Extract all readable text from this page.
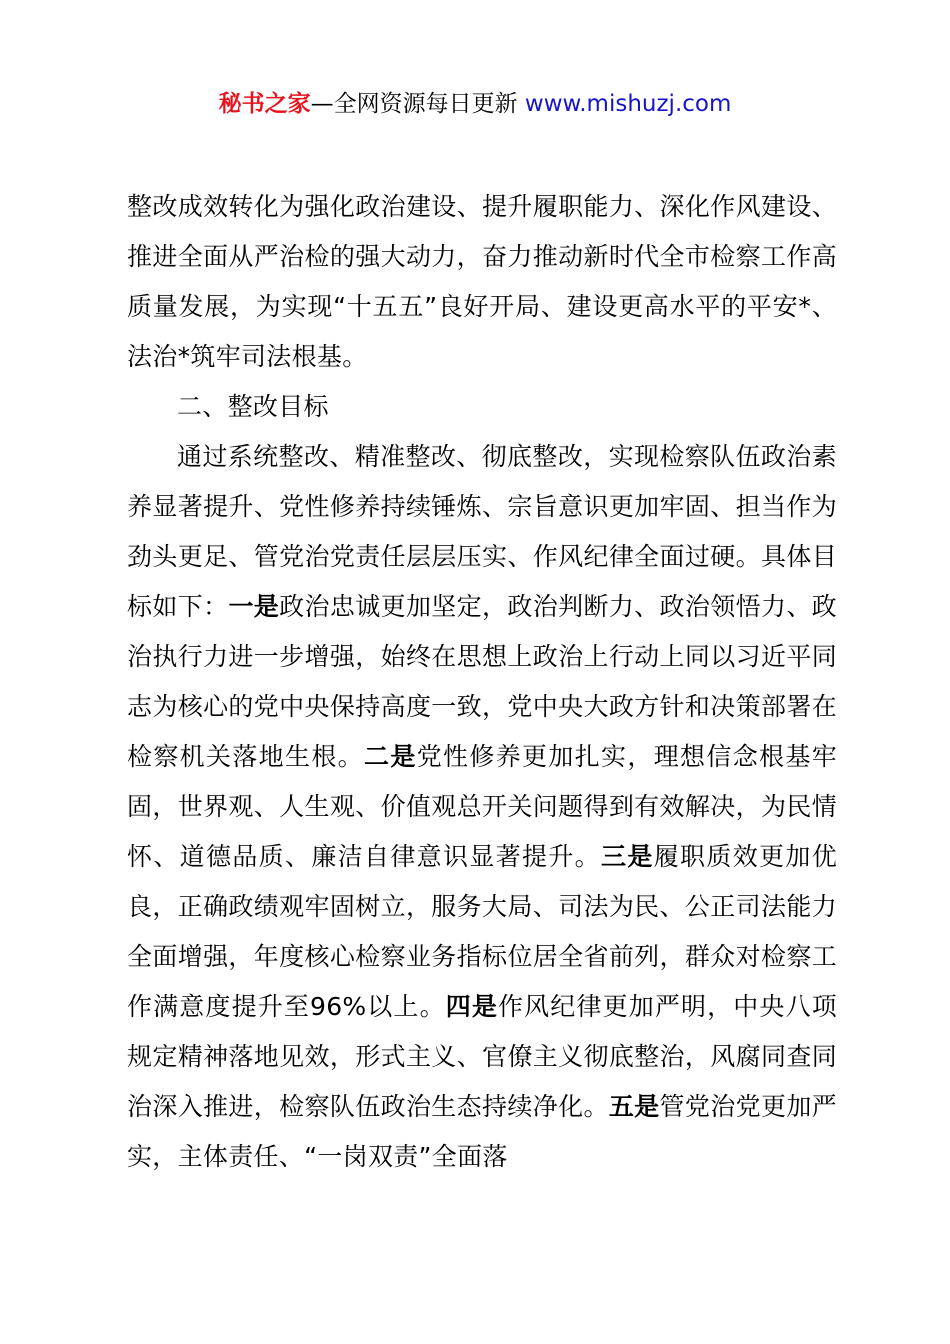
秘书之家—全网资源每日更新 www.mishuzj.com

整改成效转化为强化政治建设、提升履职能力、深化作风建设、推进全面从严治检的强大动力，奋力推动新时代全市检察工作高质量发展，为实现“十五五”良好开局、建设更高水平的平安*、法治*筑牢司法根基。

二、整改目标

通过系统整改、精准整改、彻底整改，实现检察队伍政治素养显著提升、党性修养持续锤炼、宗旨意识更加牢固、担当作为劲头更足、管党治党责任层层压实、作风纪律全面过硬。具体目标如下：一是政治忠诚更加坚定，政治判断力、政治领悟力、政治执行力进一步增强，始终在思想上政治上行动上同以习近平同志为核心的党中央保持高度一致，党中央大政方针和决策部署在检察机关落地生根。二是党性修养更加扎实，理想信念根基牢固，世界观、人生观、价值观总开关问题得到有效解决，为民情怀、道德品质、廉洁自律意识显著提升。三是履职质效更加优良，正确政绩观牢固树立，服务大局、司法为民、公正司法能力全面增强，年度核心检察业务指标位居全省前列，群众对检察工作满意度提升至96%以上。四是作风纪律更加严明，中央八项规定精神落地见效，形式主义、官僚主义彻底整治，风腐同查同治深入推进，检察队伍政治生态持续净化。五是管党治党更加严实，主体责任、“一岗双责”全面落
